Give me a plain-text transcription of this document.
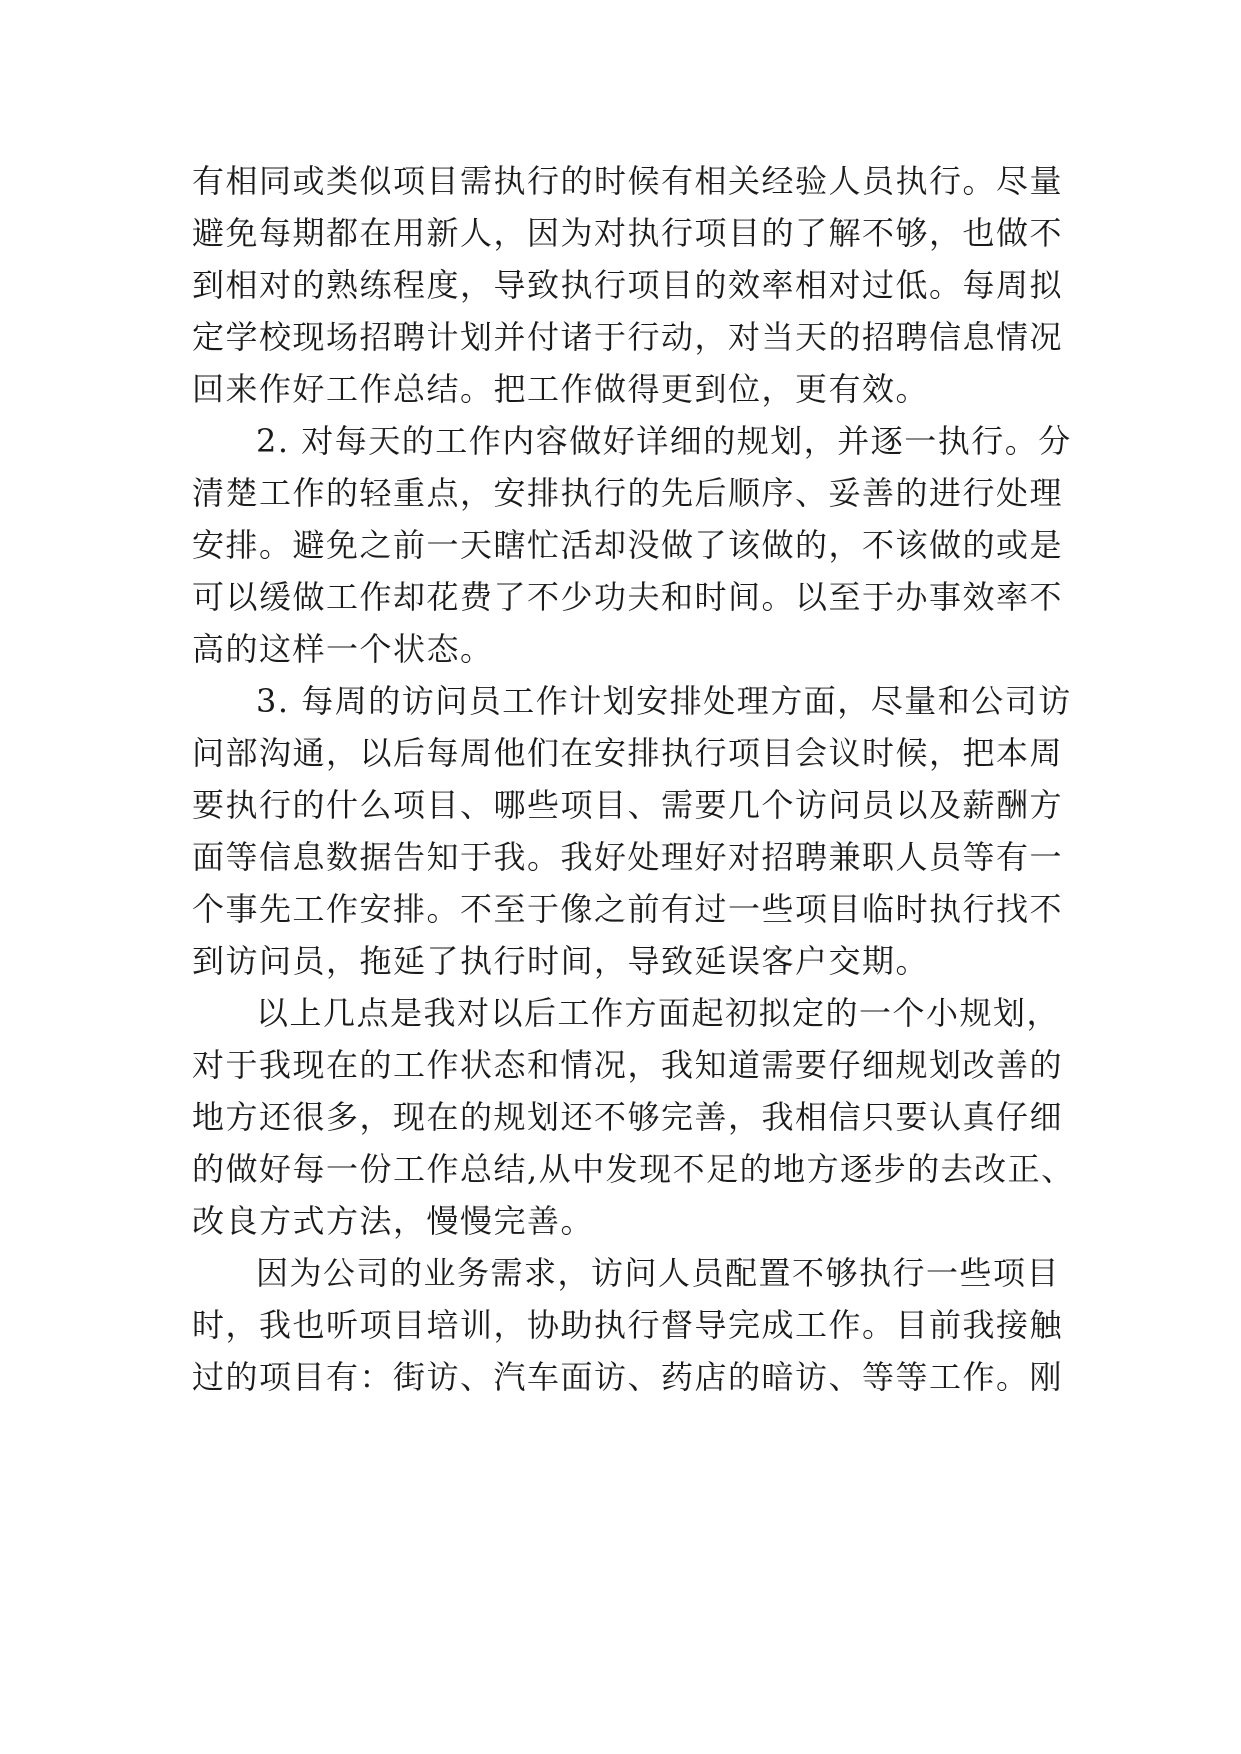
有相同或类似项目需执行的时候有相关经验人员执行。尽量
避免每期都在用新人，因为对执行项目的了解不够，也做不
到相对的熟练程度，导致执行项目的效率相对过低。每周拟
定学校现场招聘计划并付诸于行动，对当天的招聘信息情况
回来作好工作总结。把工作做得更到位，更有效。
2. 对每天的工作内容做好详细的规划，并逐一执行。分
清楚工作的轻重点，安排执行的先后顺序、妥善的进行处理
安排。避免之前一天瞎忙活却没做了该做的，不该做的或是
可以缓做工作却花费了不少功夫和时间。以至于办事效率不
高的这样一个状态。
3. 每周的访问员工作计划安排处理方面，尽量和公司访
问部沟通，以后每周他们在安排执行项目会议时候，把本周
要执行的什么项目、哪些项目、需要几个访问员以及薪酬方
面等信息数据告知于我。我好处理好对招聘兼职人员等有一
个事先工作安排。不至于像之前有过一些项目临时执行找不
到访问员，拖延了执行时间，导致延误客户交期。
以上几点是我对以后工作方面起初拟定的一个小规划，
对于我现在的工作状态和情况，我知道需要仔细规划改善的
地方还很多，现在的规划还不够完善，我相信只要认真仔细
的做好每一份工作总结,从中发现不足的地方逐步的去改正、
改良方式方法，慢慢完善。
因为公司的业务需求，访问人员配置不够执行一些项目
时，我也听项目培训，协助执行督导完成工作。目前我接触
过的项目有：街访、汽车面访、药店的暗访、等等工作。刚
